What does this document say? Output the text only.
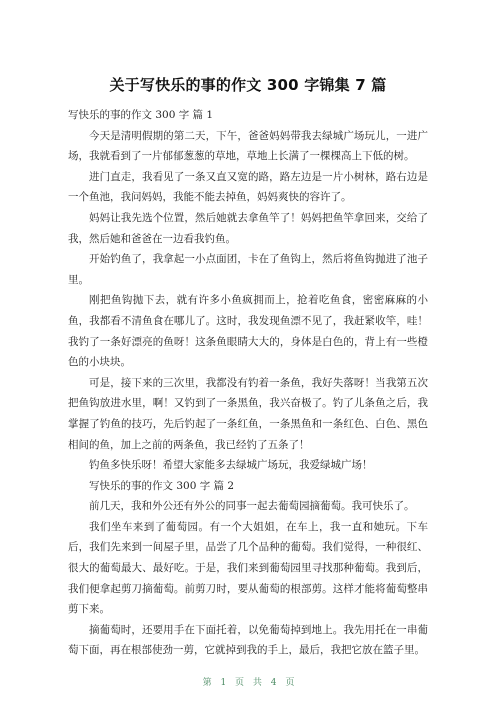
关于写快乐的事的作文 300 字锦集 7 篇

写快乐的事的作文 300 字 篇 1

今天是清明假期的第二天，下午，爸爸妈妈带我去绿城广场玩儿，一进广场，我就看到了一片郁郁葱葱的草地，草地上长满了一棵棵高上下低的树。

进门直走，我看见了一条又直又宽的路，路左边是一片小树林，路右边是一个鱼池，我问妈妈，我能不能去掉鱼，妈妈爽快的容许了。

妈妈让我先选个位置，然后她就去拿鱼竿了！妈妈把鱼竿拿回来，交给了我，然后她和爸爸在一边看我钓鱼。

开始钓鱼了，我拿起一小点面团，卡在了鱼钩上，然后将鱼钩抛进了池子里。

刚把鱼钩抛下去，就有许多小鱼疯拥而上，抢着吃鱼食，密密麻麻的小鱼，我都看不清鱼食在哪儿了。这时，我发现鱼漂不见了，我赶紧收竿，哇！我钓了一条好漂亮的鱼呀！这条鱼眼睛大大的，身体是白色的，背上有一些橙色的小块块。

可是，接下来的三次里，我都没有钓着一条鱼，我好失落呀！当我第五次把鱼钩放进水里，啊！又钓到了一条黑鱼，我兴奋极了。钓了儿条鱼之后，我掌握了钓鱼的技巧，先后钓起了一条红鱼，一条黑鱼和一条红色、白色、黑色相间的鱼，加上之前的两条鱼，我已经钓了五条了！

钓鱼多快乐呀！希望大家能多去绿城广场玩，我爱绿城广场！

写快乐的事的作文 300 字 篇 2

前几天，我和外公还有外公的同事一起去葡萄园摘葡萄。我可快乐了。

我们坐车来到了葡萄园。有一个大姐姐，在车上，我一直和她玩。下车后，我们先来到一间屋子里，品尝了几个品种的葡萄。我们觉得，一种很红、很大的葡萄最大、最好吃。于是，我们来到葡萄园里寻找那种葡萄。我到后，我们便拿起剪刀摘葡萄。前剪刀时，要从葡萄的根部剪。这样才能将葡萄整串剪下来。

摘葡萄时，还要用手在下面托着，以免葡萄掉到地上。我先用托在一串葡萄下面，再在根部使劲一剪，它就掉到我的手上，最后，我把它放在篮子里。

第 1 页 共 4 页
